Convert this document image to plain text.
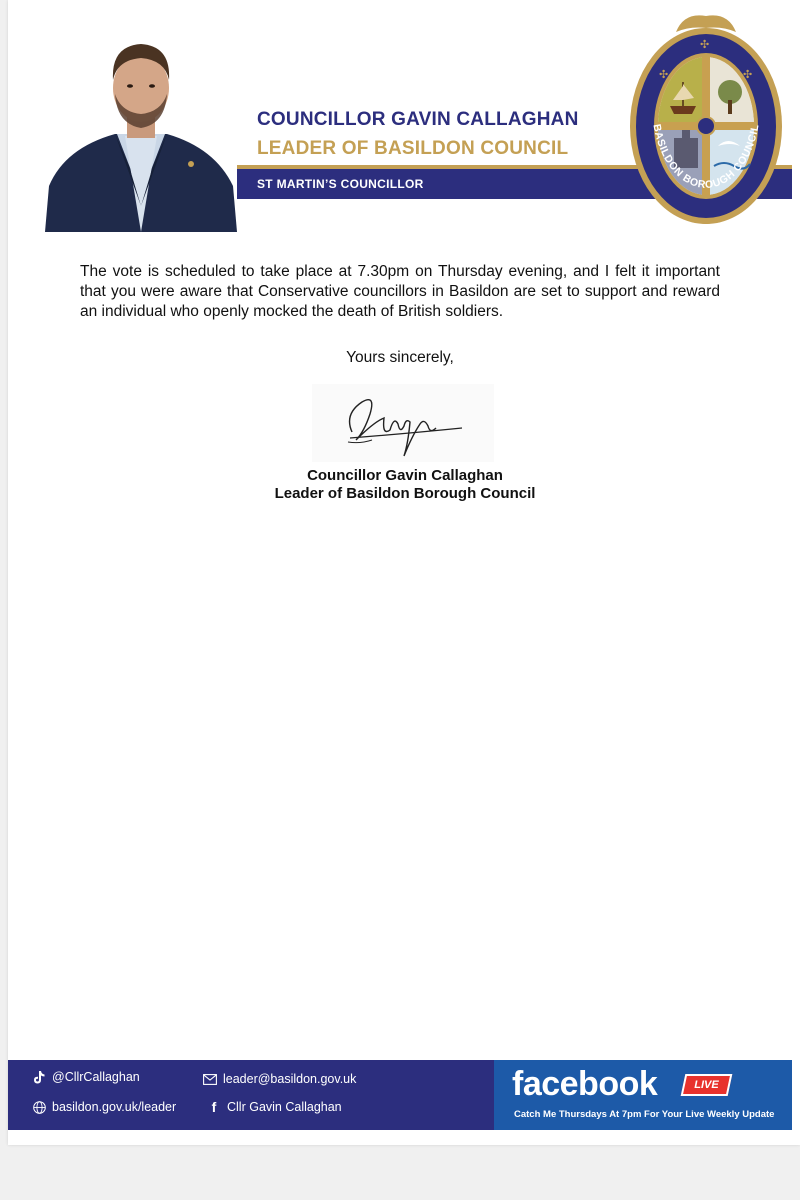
COUNCILLOR GAVIN CALLAGHAN
LEADER OF BASILDON COUNCIL
ST MARTIN’S COUNCILLOR
✣	✣
✣
BASILDON BOROUGH COUNCIL
The vote is scheduled to take place at 7.30pm on Thursday evening, and I felt it important that you were aware that Conservative councillors in Basildon are set to support and reward an individual who openly mocked the death of British soldiers.
Yours sincerely,
Councillor Gavin Callaghan
Leader of Basildon Borough Council
@CllrCallaghan	leader@basildon.gov.uk
basildon.gov.uk/leader	f Cllr Gavin Callaghan
facebook	LIVE
Catch Me Thursdays At 7pm For Your Live Weekly Update
